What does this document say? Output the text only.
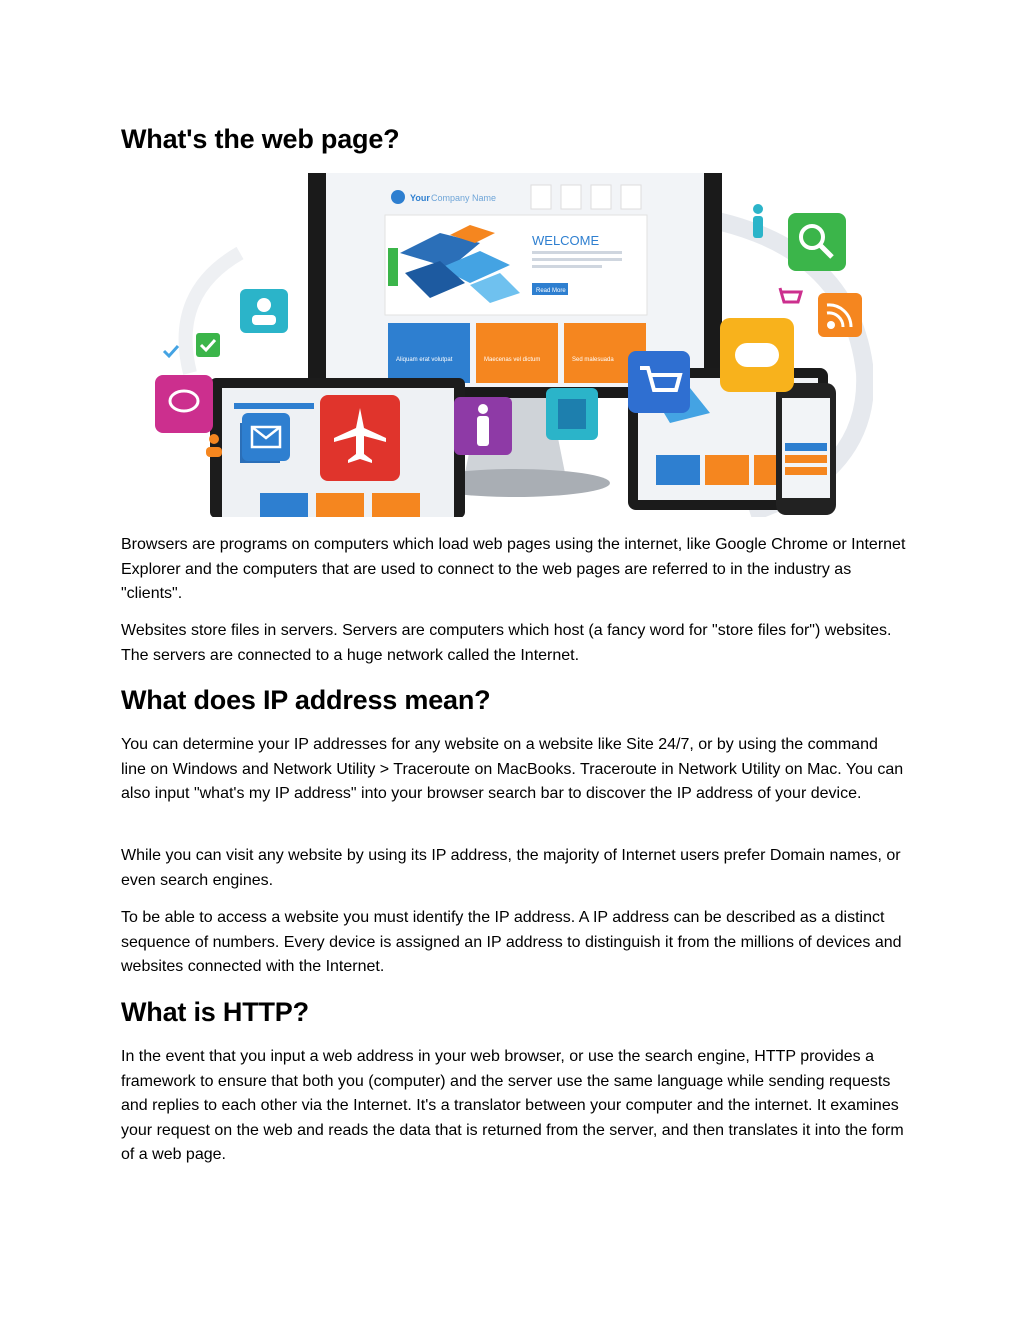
What's the web page?
Your Company Name
WELCOME
Read More
Aliquam erat volutpat	Maecenas vel dictum	Sed malesuada

Browsers are programs on computers which load web pages using the internet, like Google Chrome or Internet Explorer and the computers that are used to connect to the web pages are referred to in the industry as "clients".

Websites store files in servers. Servers are computers which host (a fancy word for "store files for") websites. The servers are connected to a huge network called the Internet.

What does IP address mean?

You can determine your IP addresses for any website on a website like Site 24/7, or by using the command line on Windows and Network Utility > Traceroute on MacBooks. Traceroute in Network Utility on Mac. You can also input "what's my IP address" into your browser search bar to discover the IP address of your device.

While you can visit any website by using its IP address, the majority of Internet users prefer Domain names, or even search engines.

To be able to access a website you must identify the IP address. A IP address can be described as a distinct sequence of numbers. Every device is assigned an IP address to distinguish it from the millions of devices and websites connected with the Internet.

What is HTTP?

In the event that you input a web address in your web browser, or use the search engine, HTTP provides a framework to ensure that both you (computer) and the server use the same language while sending requests and replies to each other via the Internet. It's a translator between your computer and the internet. It examines your request on the web and reads the data that is returned from the server, and then translates it into the form of a web page.
